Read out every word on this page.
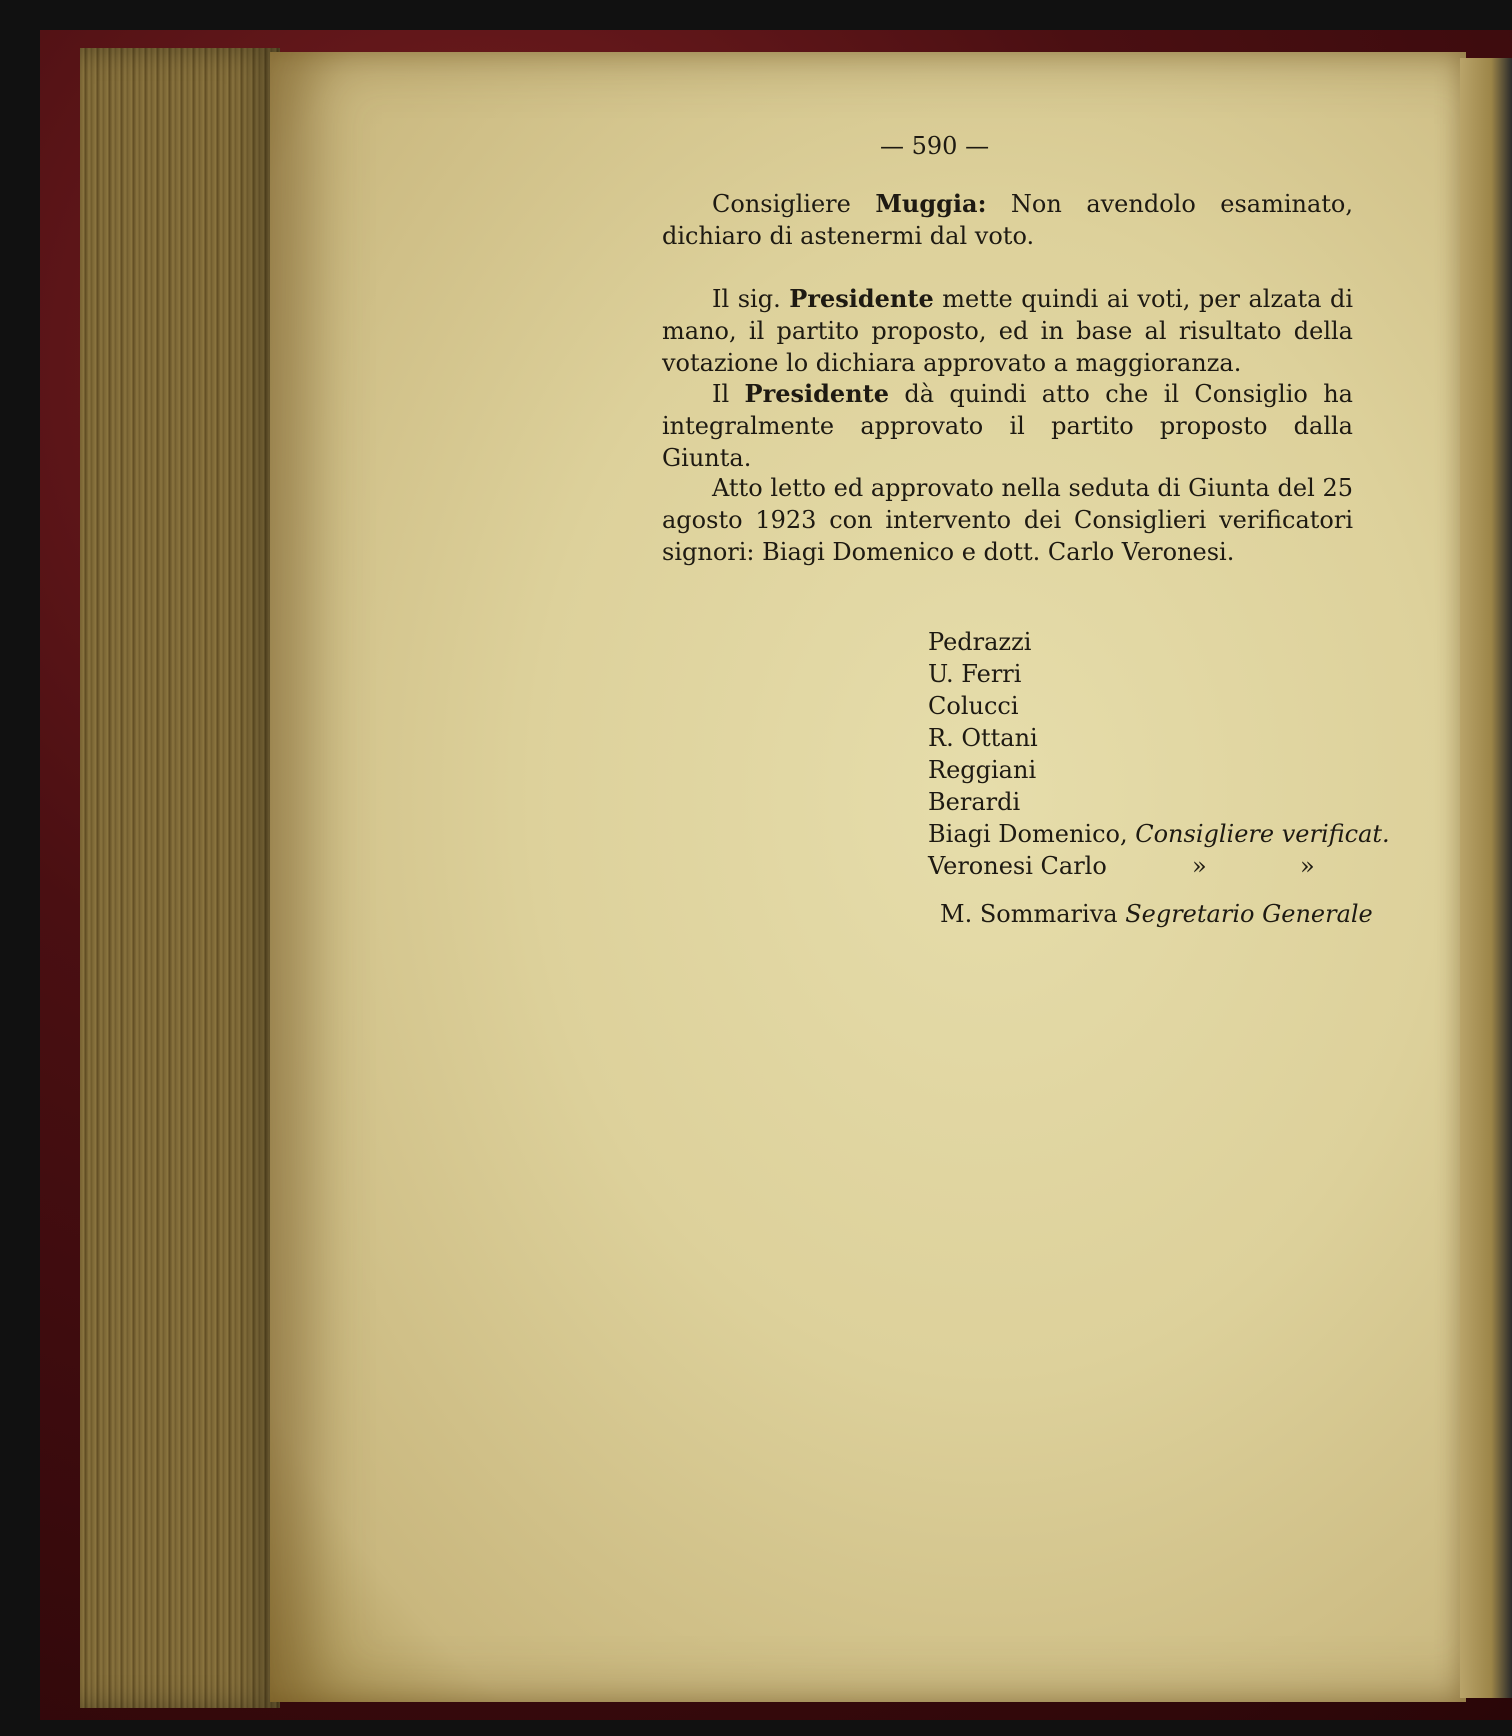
— 590 —
Consigliere Muggia: Non avendolo esaminato, dichiaro di astenermi dal voto.
Il sig. Presidente mette quindi ai voti, per alzata di mano, il partito proposto, ed in base al risultato della votazione lo dichiara approvato a maggioranza.
Il Presidente dà quindi atto che il Consiglio ha integralmente approvato il partito proposto dalla Giunta.
Atto letto ed approvato nella seduta di Giunta del 25 agosto 1923 con intervento dei Consiglieri verificatori signori: Biagi Domenico e dott. Carlo Veronesi.
Pedrazzi
U. Ferri
Colucci
R. Ottani
Reggiani
Berardi
Biagi Domenico, Consigliere verificat.
Veronesi Carlo	»	»
M. Sommariva Segretario Generale
